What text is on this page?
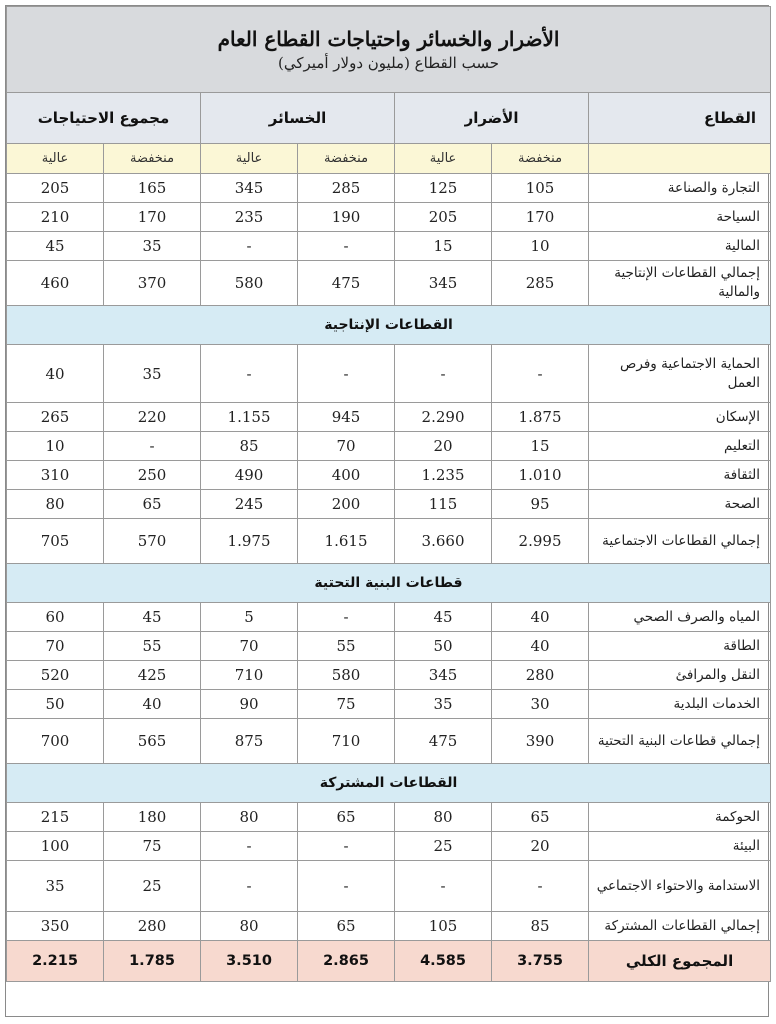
الأضرار والخسائر واحتياجات القطاع العام
حسب القطاع (مليون دولار أميركي)						

القطاع	الأضرار		الخسائر		مجموع الاحتياجات	
	منخفضة	عالية	منخفضة	عالية	منخفضة	عالية
التجارة والصناعة	105	125	285	345	165	205
السياحة	170	205	190	235	170	210
المالية	10	15	-	-	35	45
إجمالي القطاعات الإنتاجية والمالية	285	345	475	580	370	460
القطاعات الإنتاجية						
الحماية الاجتماعية وفرص العمل	-	-	-	-	35	40
الإسكان	1.875	2.290	945	1.155	220	265
التعليم	15	20	70	85	-	10
الثقافة	1.010	1.235	400	490	250	310
الصحة	95	115	200	245	65	80
إجمالي القطاعات الاجتماعية	2.995	3.660	1.615	1.975	570	705
قطاعات البنية التحتية						
المياه والصرف الصحي	40	45	-	5	45	60
الطاقة	40	50	55	70	55	70
النقل والمرافئ	280	345	580	710	425	520
الخدمات البلدية	30	35	75	90	40	50
إجمالي قطاعات البنية التحتية	390	475	710	875	565	700
القطاعات المشتركة						
الحوكمة	65	80	65	80	180	215
البيئة	20	25	-	-	75	100
الاستدامة والاحتواء الاجتماعي	-	-	-	-	25	35
إجمالي القطاعات المشتركة	85	105	65	80	280	350
المجموع الكلي	3.755	4.585	2.865	3.510	1.785	2.215
